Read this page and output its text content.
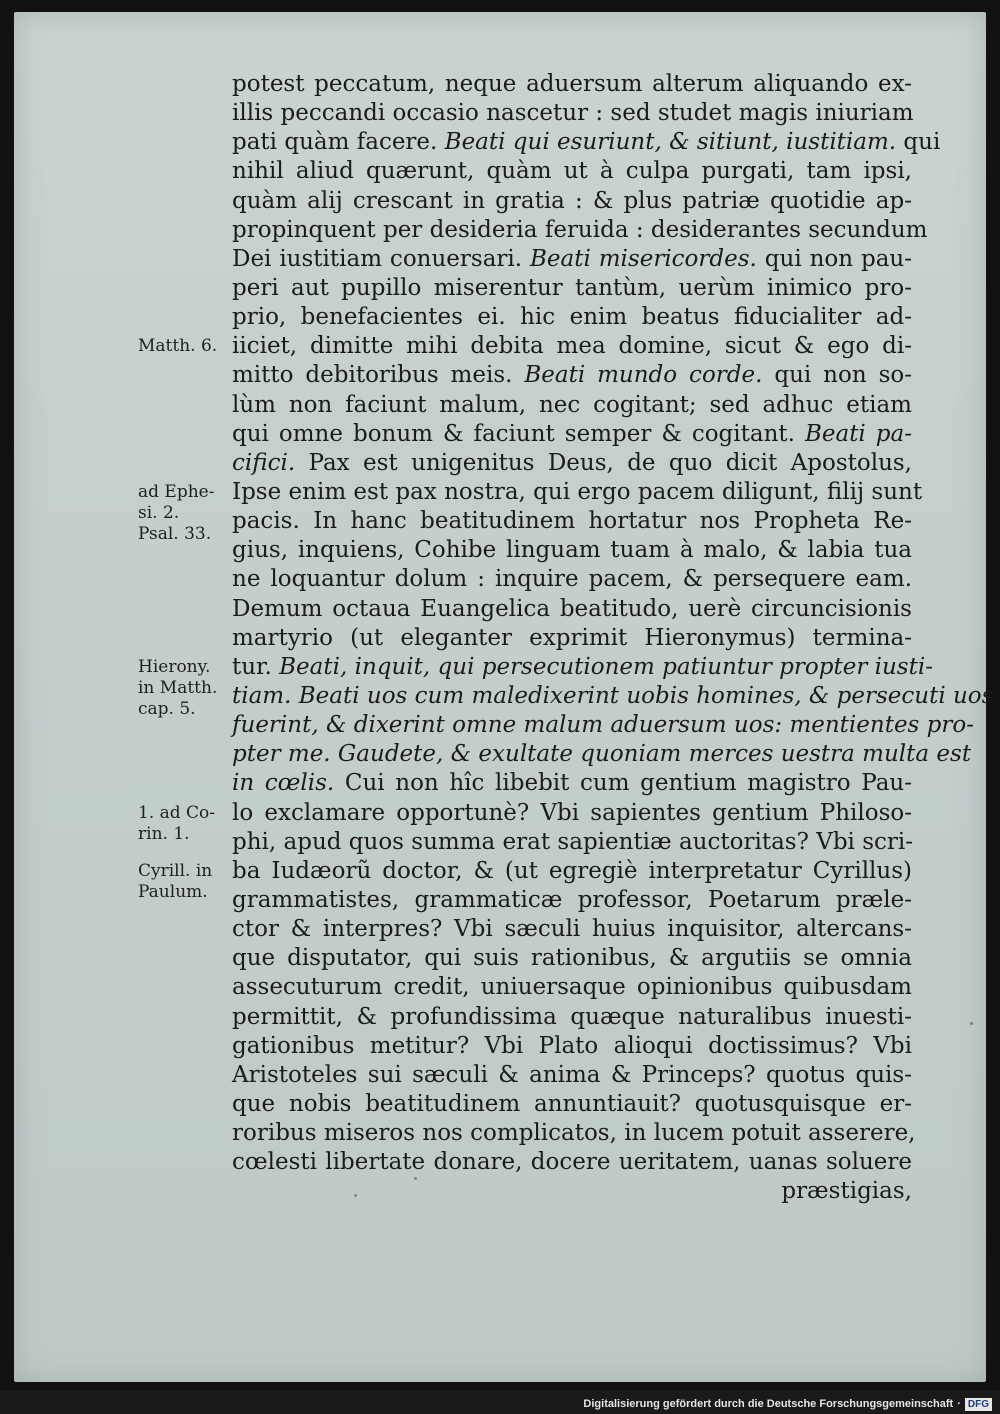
potest peccatum, neque aduersum alterum aliquando ex-
illis peccandi occasio nascetur : sed studet magis iniuriam
pati quàm facere. Beati qui esuriunt, & sitiunt, iustitiam. qui
nihil aliud quærunt, quàm ut à culpa purgati, tam ipsi,
quàm alij crescant in gratia : & plus patriæ quotidie ap-
propinquent per desideria feruida : desiderantes secundum
Dei iustitiam conuersari. Beati misericordes. qui non pau-
peri aut pupillo miserentur tantùm, uerùm inimico pro-
prio, benefacientes ei. hic enim beatus fiducialiter ad-
iiciet, dimitte mihi debita mea domine, sicut & ego di-
mitto debitoribus meis. Beati mundo corde. qui non so-
lùm non faciunt malum, nec cogitant; sed adhuc etiam
qui omne bonum & faciunt semper & cogitant. Beati pa-
cifici. Pax est unigenitus Deus, de quo dicit Apostolus,
Ipse enim est pax nostra, qui ergo pacem diligunt, filij sunt
pacis. In hanc beatitudinem hortatur nos Propheta Re-
gius, inquiens, Cohibe linguam tuam à malo, & labia tua
ne loquantur dolum : inquire pacem, & persequere eam.
Demum octaua Euangelica beatitudo, uerè circuncisionis
martyrio (ut eleganter exprimit Hieronymus) termina-
tur. Beati, inquit, qui persecutionem patiuntur propter iusti-
tiam. Beati uos cum maledixerint uobis homines, & persecuti uos
fuerint, & dixerint omne malum aduersum uos: mentientes pro-
pter me. Gaudete, & exultate quoniam merces uestra multa est
in cœlis. Cui non hîc libebit cum gentium magistro Pau-
lo exclamare opportunè? Vbi sapientes gentium Philoso-
phi, apud quos summa erat sapientiæ auctoritas? Vbi scri-
ba Iudæorũ doctor, & (ut egregiè interpretatur Cyrillus)
grammatistes, grammaticæ professor, Poetarum præle-
ctor & interpres? Vbi sæculi huius inquisitor, altercans-
que disputator, qui suis rationibus, & argutiis se omnia
assecuturum credit, uniuersaque opinionibus quibusdam
permittit, & profundissima quæque naturalibus inuesti-
gationibus metitur? Vbi Plato alioqui doctissimus? Vbi
Aristoteles sui sæculi & anima & Princeps? quotus quis-
que nobis beatitudinem annuntiauit? quotusquisque er-
roribus miseros nos complicatos, in lucem potuit asserere,
cœlesti libertate donare, docere ueritatem, uanas soluere
præstigias,
Matth. 6.
ad Ephe-
si. 2.
Psal. 33.
Hierony.
in Matth.
cap. 5.
1. ad Co-
rin. 1.
Cyrill. in
Paulum.
Digitalisierung gefördert durch die Deutsche Forschungsgemeinschaft · DFG
